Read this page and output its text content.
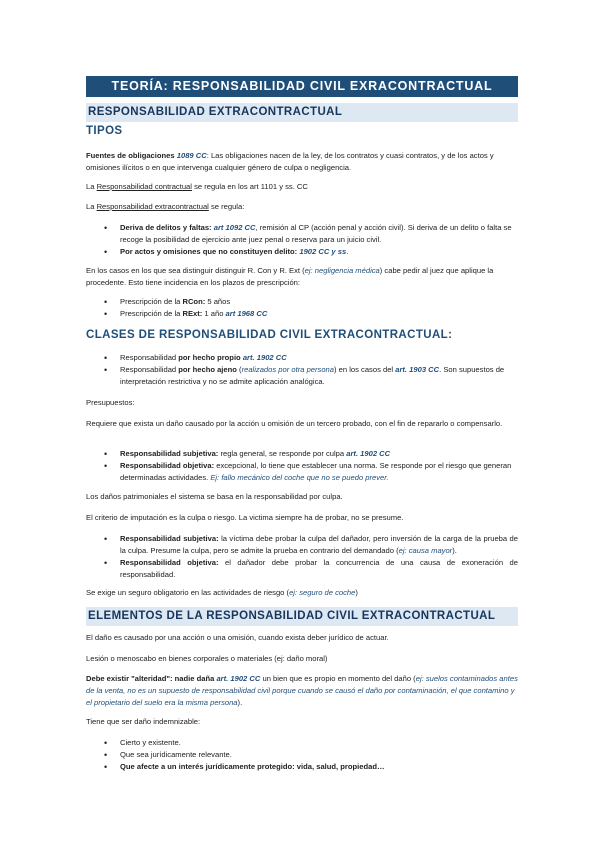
TEORÍA: RESPONSABILIDAD CIVIL EXRACONTRACTUAL
RESPONSABILIDAD EXTRACONTRACTUAL
TIPOS
Fuentes de obligaciones 1089 CC: Las obligaciones nacen de la ley, de los contratos y cuasi contratos, y de los actos y omisiones ilícitos o en que intervenga cualquier género de culpa o negligencia.
La Responsabilidad contractual se regula en los art 1101 y ss. CC
La Responsabilidad extracontractual se regula:
• Deriva de delitos y faltas: art 1092 CC, remisión al CP (acción penal y acción civil). Si deriva de un delito o falta se recoge la posibilidad de ejercicio ante juez penal o reserva para un juicio civil.
• Por actos y omisiones que no constituyen delito: 1902 CC y ss.
En los casos en los que sea distinguir distinguir R. Con y R. Ext (ej: negligencia médica) cabe pedir al juez que aplique la procedente. Esto tiene incidencia en los plazos de prescripción:
• Prescripción de la RCon: 5 años
• Prescripción de la RExt: 1 año art 1968 CC
CLASES DE RESPONSABILIDAD CIVIL EXTRACONTRACTUAL:
• Responsabilidad por hecho propio art. 1902 CC
• Responsabilidad por hecho ajeno (realizados por otra persona) en los casos del art. 1903 CC. Son supuestos de interpretación restrictiva y no se admite aplicación analógica.
Presupuestos:
Requiere que exista un daño causado por la acción u omisión de un tercero probado, con el fin de repararlo o compensarlo.
• Responsabilidad subjetiva: regla general, se responde por culpa art. 1902 CC
• Responsabilidad objetiva: excepcional, lo tiene que establecer una norma. Se responde por el riesgo que generan determinadas actividades. Ej: fallo mecánico del coche que no se puedo prever.
Los daños patrimoniales el sistema se basa en la responsabilidad por culpa.
El criterio de imputación es la culpa o riesgo. La victima siempre ha de probar, no se presume.
• Responsabilidad subjetiva: la víctima debe probar la culpa del dañador, pero inversión de la carga de la prueba de la culpa. Presume la culpa, pero se admite la prueba en contrario del demandado (ej: causa mayor).
• Responsabilidad objetiva: el dañador debe probar la concurrencia de una causa de exoneración de responsabilidad.
Se exige un seguro obligatorio en las actividades de riesgo (ej: seguro de coche)
ELEMENTOS DE LA RESPONSABILIDAD CIVIL EXTRACONTRACTUAL
El daño es causado por una acción o una omisión, cuando exista deber jurídico de actuar.
Lesión o menoscabo en bienes corporales o materiales (ej: daño moral)
Debe existir "alteridad": nadie daña art. 1902 CC un bien que es propio en momento del daño (ej: suelos contaminados antes de la venta, no es un supuesto de responsabilidad civil porque cuando se causó el daño por contaminación, el que contamino y el propietario del suelo era la misma persona).
Tiene que ser daño indemnizable:
• Cierto y existente.
• Que sea jurídicamente relevante.
• Que afecte a un interés jurídicamente protegido: vida, salud, propiedad…
